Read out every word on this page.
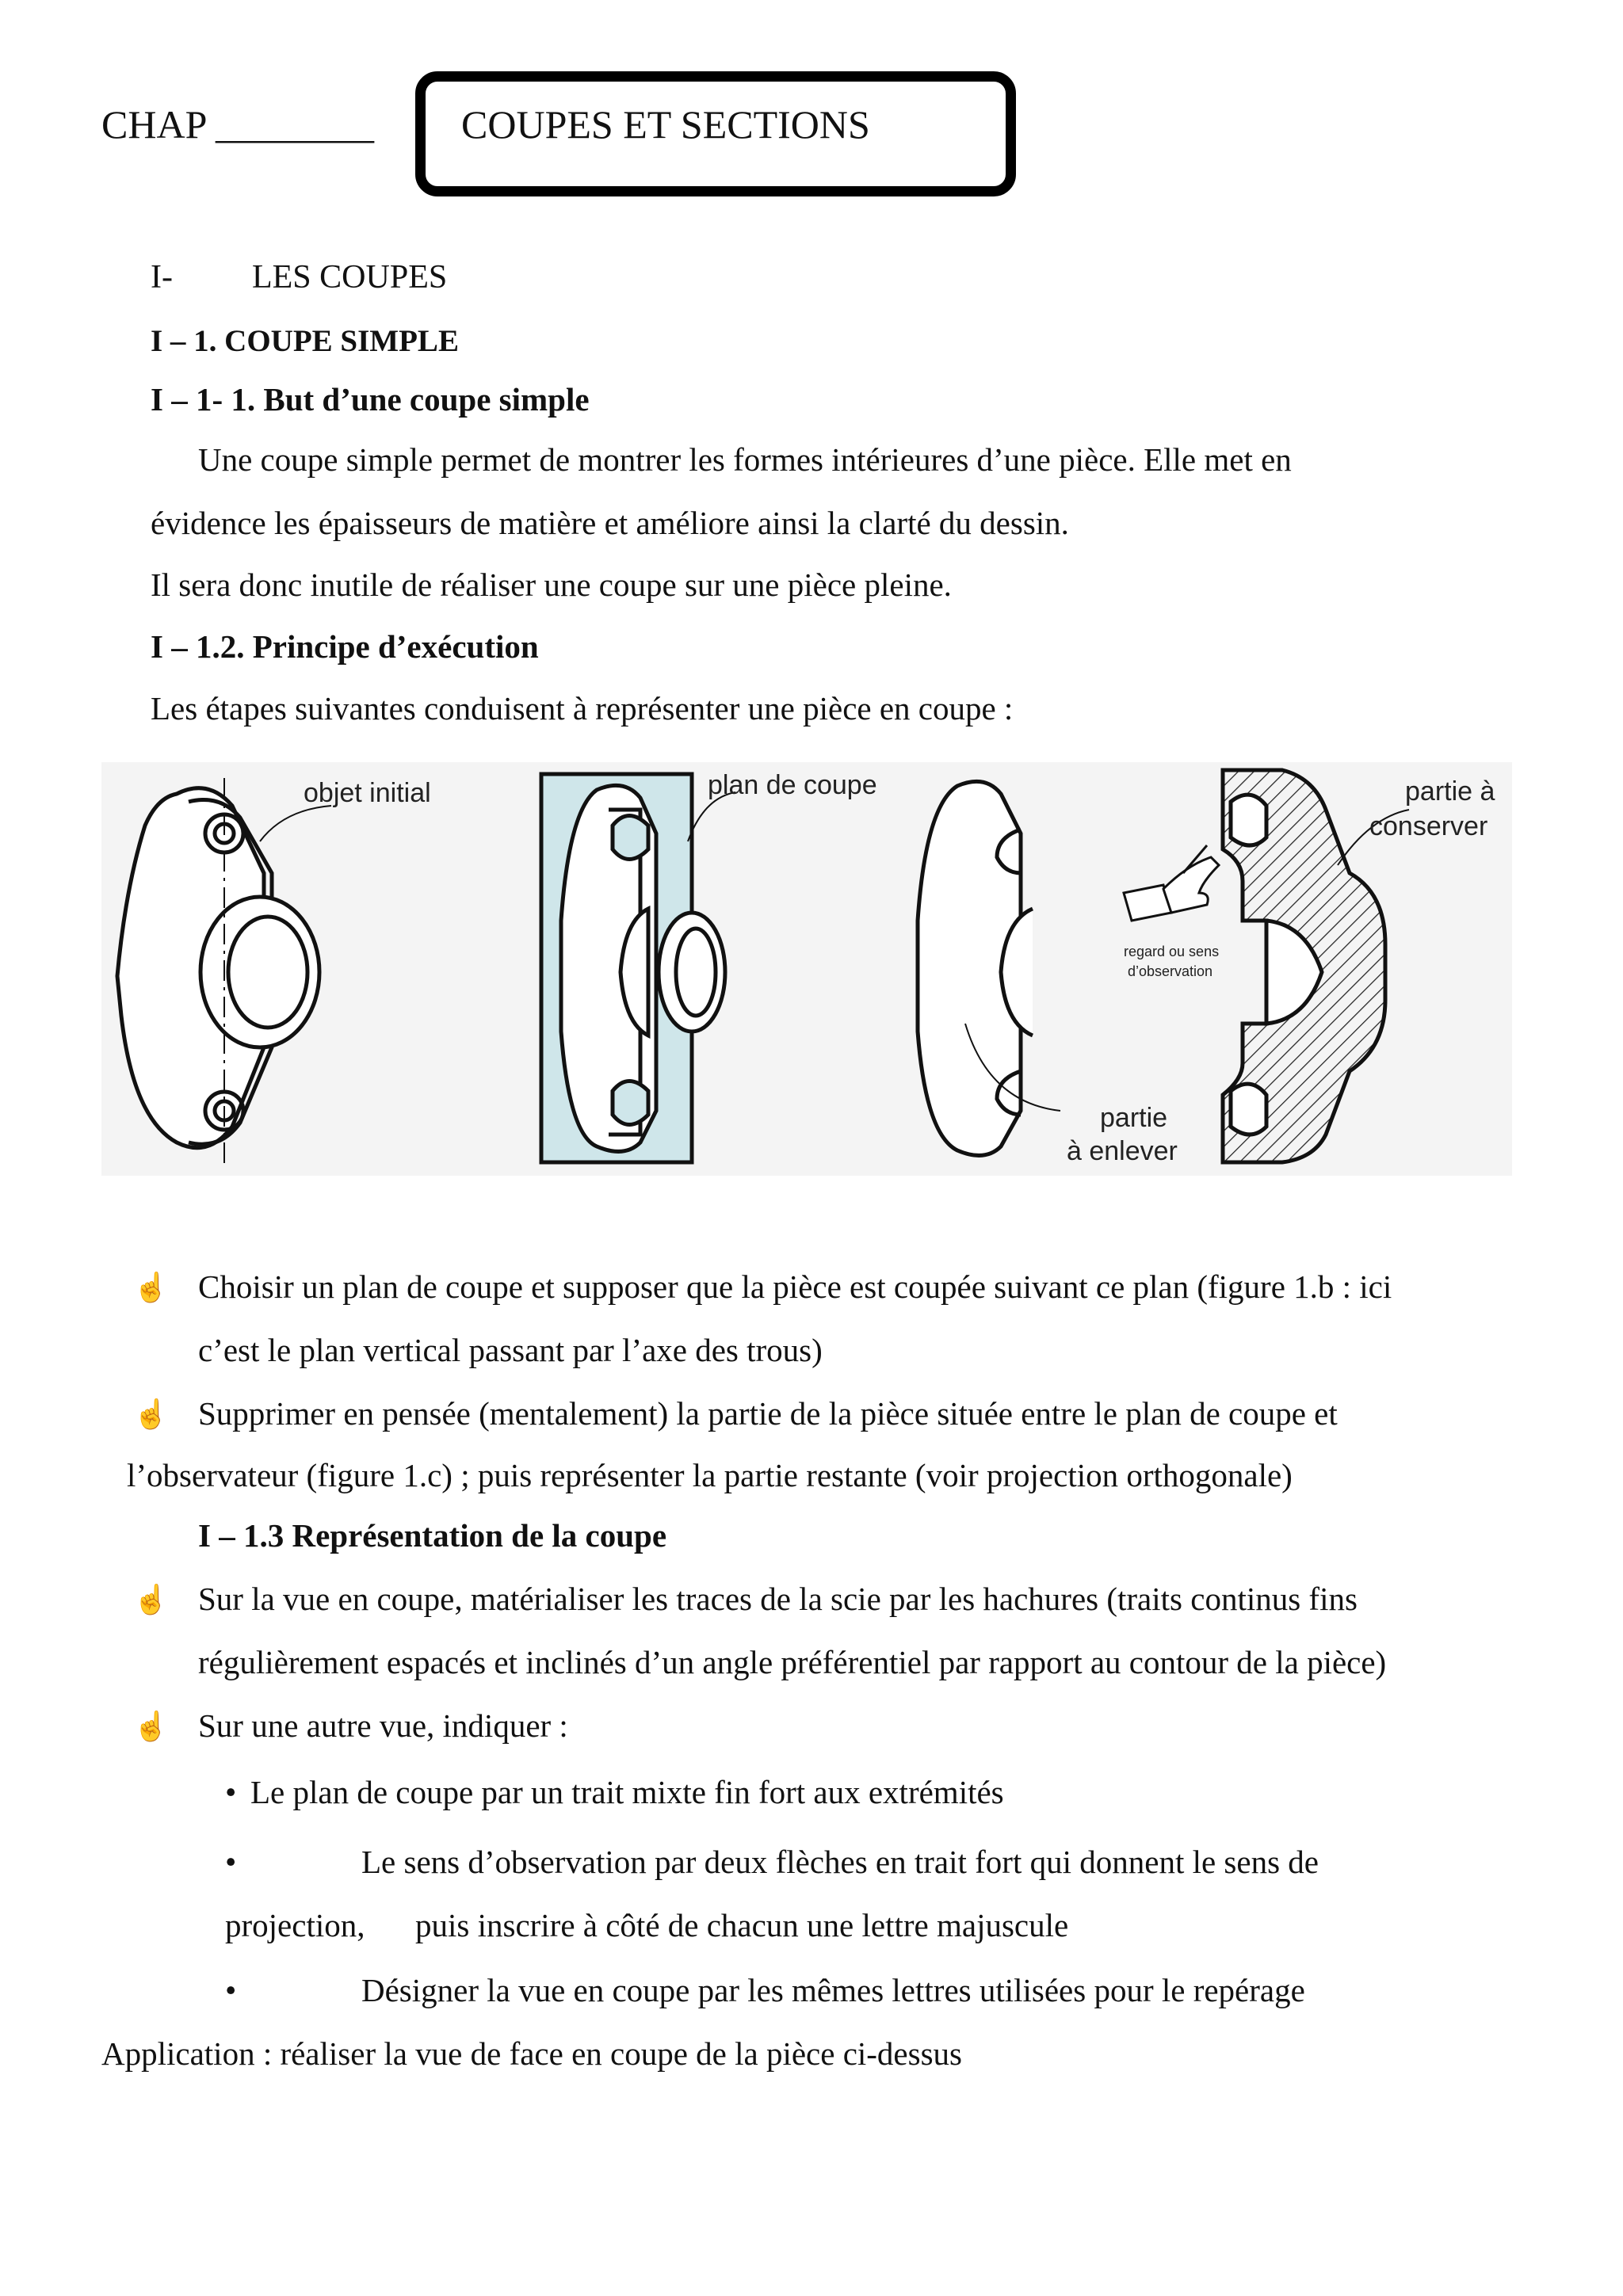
CHAP ________ COUPES ET SECTIONS
I- LES COUPES
I – 1. COUPE SIMPLE
I – 1- 1. But d’une coupe simple
Une coupe simple permet de montrer les formes intérieures d’une pièce. Elle met en
évidence les épaisseurs de matière et améliore ainsi la clarté du dessin.
Il sera donc inutile de réaliser une coupe sur une pièce pleine.
I – 1.2. Principe d’exécution
Les étapes suivantes conduisent à représenter une pièce en coupe :
objet initial	plan de coupe
partie
à enlever
partie à
conserver
regard ou sens
d’observation
☝ Choisir un plan de coupe et supposer que la pièce est coupée suivant ce plan (figure 1.b : ici
c’est le plan vertical passant par l’axe des trous)
☝ Supprimer en pensée (mentalement) la partie de la pièce située entre le plan de coupe et
l’observateur (figure 1.c) ; puis représenter la partie restante (voir projection orthogonale)
I – 1.3 Représentation de la coupe
☝ Sur la vue en coupe, matérialiser les traces de la scie par les hachures (traits continus fins
régulièrement espacés et inclinés d’un angle préférentiel par rapport au contour de la pièce)
☝ Sur une autre vue, indiquer :
• Le plan de coupe par un trait mixte fin fort aux extrémités
•	Le sens d’observation par deux flèches en trait fort qui donnent le sens de
projection, puis inscrire à côté de chacun une lettre majuscule
•	Désigner la vue en coupe par les mêmes lettres utilisées pour le repérage
Application : réaliser la vue de face en coupe de la pièce ci-dessus
